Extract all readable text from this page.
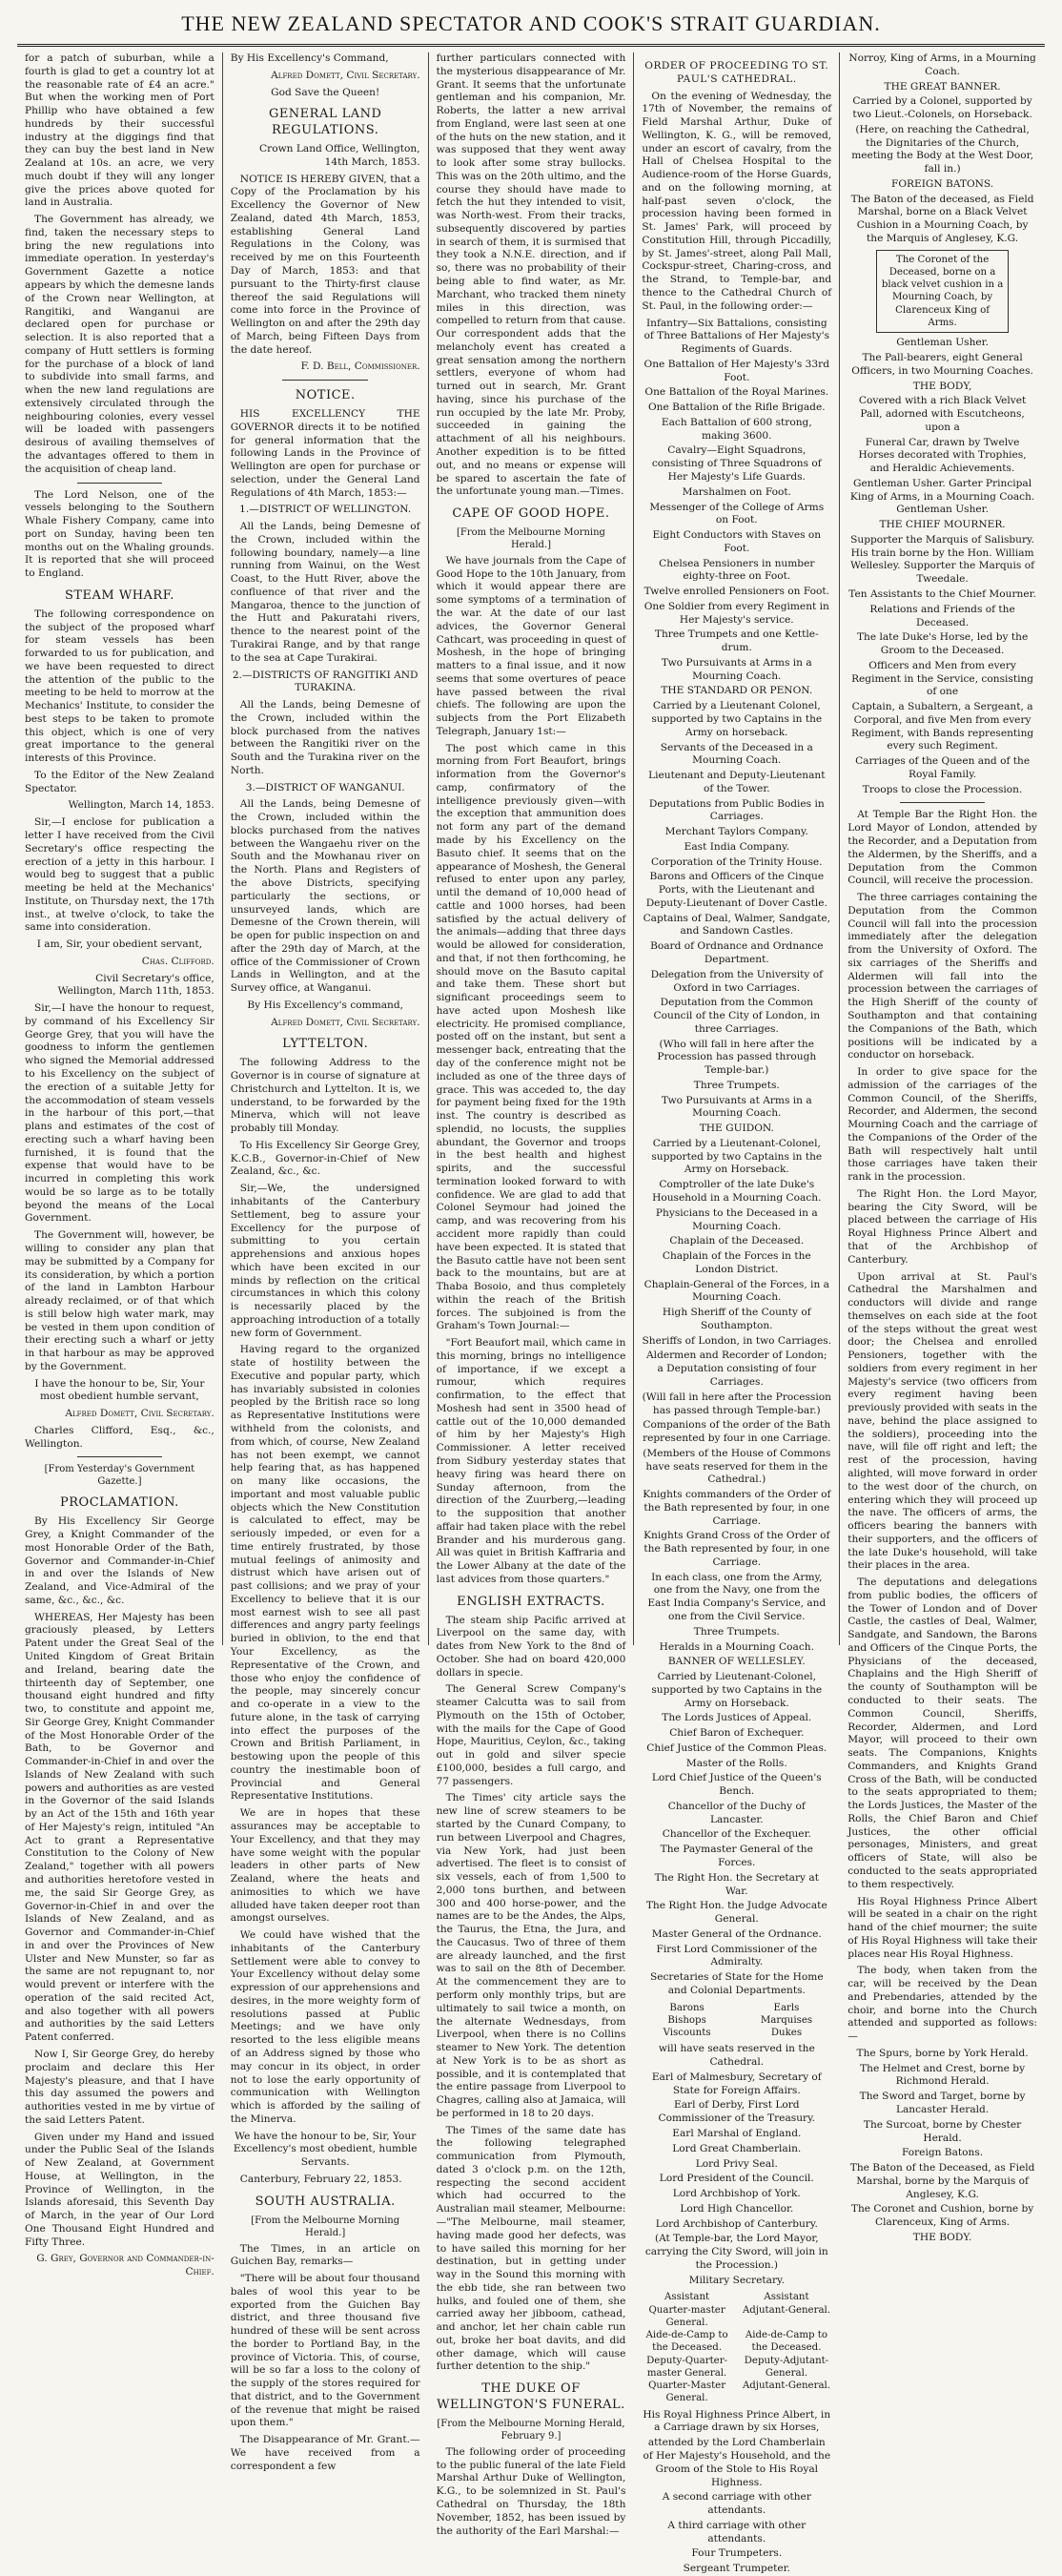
THE NEW ZEALAND SPECTATOR AND COOK'S STRAIT GUARDIAN.

for a patch of suburban, while a fourth is glad to get a country lot at the reasonable rate of £4 an acre." But when the working men of Port Phillip who have obtained a few hundreds by their successful industry at the diggings find that they can buy the best land in New Zealand at 10s. an acre, we very much doubt if they will any longer give the prices above quoted for land in Australia.

The Government has already, we find, taken the necessary steps to bring the new regulations into immediate operation. In yesterday's Government Gazette a notice appears by which the demesne lands of the Crown near Wellington, at Rangitiki, and Wanganui are declared open for purchase or selection. It is also reported that a company of Hutt settlers is forming for the purchase of a block of land to subdivide into small farms, and when the new land regulations are extensively circulated through the neighbouring colonies, every vessel will be loaded with passengers desirous of availing themselves of the advantages offered to them in the acquisition of cheap land.

The Lord Nelson, one of the vessels belonging to the Southern Whale Fishery Company, came into port on Sunday, having been ten months out on the Whaling grounds. It is reported that she will proceed to England.

STEAM WHARF.

The following correspondence on the subject of the proposed wharf for steam vessels has been forwarded to us for publication, and we have been requested to direct the attention of the public to the meeting to be held to morrow at the Mechanics' Institute, to consider the best steps to be taken to promote this object, which is one of very great importance to the general interests of this Province.

To the Editor of the New Zealand Spectator.

Wellington, March 14, 1853.

Sir,—I enclose for publication a letter I have received from the Civil Secretary's office respecting the erection of a jetty in this harbour. I would beg to suggest that a public meeting be held at the Mechanics' Institute, on Thursday next, the 17th inst., at twelve o'clock, to take the same into consideration.

I am, Sir, your obedient servant,

Chas. Clifford.

Civil Secretary's office, Wellington, March 11th, 1853.

Sir,—I have the honour to request, by command of his Excellency Sir George Grey, that you will have the goodness to inform the gentlemen who signed the Memorial addressed to his Excellency on the subject of the erection of a suitable Jetty for the accommodation of steam vessels in the harbour of this port,—that plans and estimates of the cost of erecting such a wharf having been furnished, it is found that the expense that would have to be incurred in completing this work would be so large as to be totally beyond the means of the Local Government.

The Government will, however, be willing to consider any plan that may be submitted by a Company for its consideration, by which a portion of the land in Lambton Harbour already reclaimed, or of that which is still below high water mark, may be vested in them upon condition of their erecting such a wharf or jetty in that harbour as may be approved by the Government.

I have the honour to be, Sir, Your most obedient humble servant,

Alfred Domett, Civil Secretary.

Charles Clifford, Esq., &c., Wellington.

[From Yesterday's Government Gazette.]

PROCLAMATION.

By His Excellency Sir George Grey, a Knight Commander of the most Honorable Order of the Bath, Governor and Commander-in-Chief in and over the Islands of New Zealand, and Vice-Admiral of the same, &c., &c., &c.

WHEREAS, Her Majesty has been graciously pleased, by Letters Patent under the Great Seal of the United Kingdom of Great Britain and Ireland, bearing date the thirteenth day of September, one thousand eight hundred and fifty two, to constitute and appoint me, Sir George Grey, Knight Commander of the Most Honorable Order of the Bath, to be Governor and Commander-in-Chief in and over the Islands of New Zealand with such powers and authorities as are vested in the Governor of the said Islands by an Act of the 15th and 16th year of Her Majesty's reign, intituled "An Act to grant a Representative Constitution to the Colony of New Zealand," together with all powers and authorities heretofore vested in me, the said Sir George Grey, as Governor-in-Chief in and over the Islands of New Zealand, and as Governor and Commander-in-Chief in and over the Provinces of New Ulster and New Munster, so far as the same are not repugnant to, nor would prevent or interfere with the operation of the said recited Act, and also together with all powers and authorities by the said Letters Patent conferred.

Now I, Sir George Grey, do hereby proclaim and declare this Her Majesty's pleasure, and that I have this day assumed the powers and authorities vested in me by virtue of the said Letters Patent.

Given under my Hand and issued under the Public Seal of the Islands of New Zealand, at Government House, at Wellington, in the Province of Wellington, in the Islands aforesaid, this Seventh Day of March, in the year of Our Lord One Thousand Eight Hundred and Fifty Three.

G. Grey, Governor and Commander-in-Chief.

By His Excellency's Command,

Alfred Domett, Civil Secretary.

God Save the Queen!

GENERAL LAND REGULATIONS.

Crown Land Office, Wellington, 14th March, 1853.

NOTICE IS HEREBY GIVEN, that a Copy of the Proclamation by his Excellency the Governor of New Zealand, dated 4th March, 1853, establishing General Land Regulations in the Colony, was received by me on this Fourteenth Day of March, 1853: and that pursuant to the Thirty-first clause thereof the said Regulations will come into force in the Province of Wellington on and after the 29th day of March, being Fifteen Days from the date hereof.

F. D. Bell, Commissioner.

NOTICE.

HIS EXCELLENCY THE GOVERNOR directs it to be notified for general information that the following Lands in the Province of Wellington are open for purchase or selection, under the General Land Regulations of 4th March, 1853:—

1.—DISTRICT OF WELLINGTON.

All the Lands, being Demesne of the Crown, included within the following boundary, namely—a line running from Wainui, on the West Coast, to the Hutt River, above the confluence of that river and the Mangaroa, thence to the junction of the Hutt and Pakuratahi rivers, thence to the nearest point of the Turakirai Range, and by that range to the sea at Cape Turakirai.

2.—DISTRICTS OF RANGITIKI AND TURAKINA.

All the Lands, being Demesne of the Crown, included within the block purchased from the natives between the Rangitiki river on the South and the Turakina river on the North.

3.—DISTRICT OF WANGANUI.

All the Lands, being Demesne of the Crown, included within the blocks purchased from the natives between the Wangaehu river on the South and the Mowhanau river on the North. Plans and Registers of the above Districts, specifying particularly the sections, or unsurveyed lands, which are Demesne of the Crown therein, will be open for public inspection on and after the 29th day of March, at the office of the Commissioner of Crown Lands in Wellington, and at the Survey office, at Wanganui.

By His Excellency's command,

Alfred Domett, Civil Secretary.

LYTTELTON.

The following Address to the Governor is in course of signature at Christchurch and Lyttelton. It is, we understand, to be forwarded by the Minerva, which will not leave probably till Monday.

To His Excellency Sir George Grey, K.C.B., Governor-in-Chief of New Zealand, &c., &c.

Sir,—We, the undersigned inhabitants of the Canterbury Settlement, beg to assure your Excellency for the purpose of submitting to you certain apprehensions and anxious hopes which have been excited in our minds by reflection on the critical circumstances in which this colony is necessarily placed by the approaching introduction of a totally new form of Government.

Having regard to the organized state of hostility between the Executive and popular party, which has invariably subsisted in colonies peopled by the British race so long as Representative Institutions were withheld from the colonists, and from which, of course, New Zealand has not been exempt, we cannot help fearing that, as has happened on many like occasions, the important and most valuable public objects which the New Constitution is calculated to effect, may be seriously impeded, or even for a time entirely frustrated, by those mutual feelings of animosity and distrust which have arisen out of past collisions; and we pray of your Excellency to believe that it is our most earnest wish to see all past differences and angry party feelings buried in oblivion, to the end that Your Excellency, as the Representative of the Crown, and those who enjoy the confidence of the people, may sincerely concur and co-operate in a view to the future alone, in the task of carrying into effect the purposes of the Crown and British Parliament, in bestowing upon the people of this country the inestimable boon of Provincial and General Representative Institutions.

We are in hopes that these assurances may be acceptable to Your Excellency, and that they may have some weight with the popular leaders in other parts of New Zealand, where the heats and animosities to which we have alluded have taken deeper root than amongst ourselves.

We could have wished that the inhabitants of the Canterbury Settlement were able to convey to Your Excellency without delay some expression of our apprehensions and desires, in the more weighty form of resolutions passed at Public Meetings; and we have only resorted to the less eligible means of an Address signed by those who may concur in its object, in order not to lose the early opportunity of communication with Wellington which is afforded by the sailing of the Minerva.

We have the honour to be, Sir, Your Excellency's most obedient, humble Servants.

Canterbury, February 22, 1853.

SOUTH AUSTRALIA.

[From the Melbourne Morning Herald.]

The Times, in an article on Guichen Bay, remarks—

"There will be about four thousand bales of wool this year to be exported from the Guichen Bay district, and three thousand five hundred of these will be sent across the border to Portland Bay, in the province of Victoria. This, of course, will be so far a loss to the colony of the supply of the stores required for that district, and to the Government of the revenue that might be raised upon them."

The Disappearance of Mr. Grant.—We have received from a correspondent a few

further particulars connected with the mysterious disappearance of Mr. Grant. It seems that the unfortunate gentleman and his companion, Mr. Roberts, the latter a new arrival from England, were last seen at one of the huts on the new station, and it was supposed that they went away to look after some stray bullocks. This was on the 20th ultimo, and the course they should have made to fetch the hut they intended to visit, was North-west. From their tracks, subsequently discovered by parties in search of them, it is surmised that they took a N.N.E. direction, and if so, there was no probability of their being able to find water, as Mr. Marchant, who tracked them ninety miles in this direction, was compelled to return from that cause. Our correspondent adds that the melancholy event has created a great sensation among the northern settlers, everyone of whom had turned out in search, Mr. Grant having, since his purchase of the run occupied by the late Mr. Proby, succeeded in gaining the attachment of all his neighbours. Another expedition is to be fitted out, and no means or expense will be spared to ascertain the fate of the unfortunate young man.—Times.

CAPE OF GOOD HOPE.

[From the Melbourne Morning Herald.]

We have journals from the Cape of Good Hope to the 10th January, from which it would appear there are some symptoms of a termination of the war. At the date of our last advices, the Governor General Cathcart, was proceeding in quest of Moshesh, in the hope of bringing matters to a final issue, and it now seems that some overtures of peace have passed between the rival chiefs. The following are upon the subjects from the Port Elizabeth Telegraph, January 1st:—

The post which came in this morning from Fort Beaufort, brings information from the Governor's camp, confirmatory of the intelligence previously given—with the exception that ammunition does not form any part of the demand made by his Excellency on the Basuto chief. It seems that on the appearance of Moshesh, the General refused to enter upon any parley, until the demand of 10,000 head of cattle and 1000 horses, had been satisfied by the actual delivery of the animals—adding that three days would be allowed for consideration, and that, if not then forthcoming, he should move on the Basuto capital and take them. These short but significant proceedings seem to have acted upon Moshesh like electricity. He promised compliance, posted off on the instant, but sent a messenger back, entreating that the day of the conference might not be included as one of the three days of grace. This was acceded to, the day for payment being fixed for the 19th inst. The country is described as splendid, no locusts, the supplies abundant, the Governor and troops in the best health and highest spirits, and the successful termination looked forward to with confidence. We are glad to add that Colonel Seymour had joined the camp, and was recovering from his accident more rapidly than could have been expected. It is stated that the Basuto cattle have not been sent back to the mountains, but are at Thaba Bosoio, and thus completely within the reach of the British forces. The subjoined is from the Graham's Town Journal:—

"Fort Beaufort mail, which came in this morning, brings no intelligence of importance, if we except a rumour, which requires confirmation, to the effect that Moshesh had sent in 3500 head of cattle out of the 10,000 demanded of him by her Majesty's High Commissioner. A letter received from Sidbury yesterday states that heavy firing was heard there on Sunday afternoon, from the direction of the Zuurberg,—leading to the supposition that another affair had taken place with the rebel Brander and his murderous gang. All was quiet in British Kaffraria and the Lower Albany at the date of the last advices from those quarters."

ENGLISH EXTRACTS.

The steam ship Pacific arrived at Liverpool on the same day, with dates from New York to the 8nd of October. She had on board 420,000 dollars in specie.

The General Screw Company's steamer Calcutta was to sail from Plymouth on the 15th of October, with the mails for the Cape of Good Hope, Mauritius, Ceylon, &c., taking out in gold and silver specie £100,000, besides a full cargo, and 77 passengers.

The Times' city article says the new line of screw steamers to be started by the Cunard Company, to run between Liverpool and Chagres, via New York, had just been advertised. The fleet is to consist of six vessels, each of from 1,500 to 2,000 tons burthen, and between 300 and 400 horse-power, and the names are to be the Andes, the Alps, the Taurus, the Etna, the Jura, and the Caucasus. Two of three of them are already launched, and the first was to sail on the 8th of December. At the commencement they are to perform only monthly trips, but are ultimately to sail twice a month, on the alternate Wednesdays, from Liverpool, when there is no Collins steamer to New York. The detention at New York is to be as short as possible, and it is contemplated that the entire passage from Liverpool to Chagres, calling also at Jamaica, will be performed in 18 to 20 days.

The Times of the same date has the following telegraphed communication from Plymouth, dated 3 o'clock p.m. on the 12th, respecting the second accident which had occurred to the Australian mail steamer, Melbourne:—"The Melbourne, mail steamer, having made good her defects, was to have sailed this morning for her destination, but in getting under way in the Sound this morning with the ebb tide, she ran between two hulks, and fouled one of them, she carried away her jibboom, cathead, and anchor, let her chain cable run out, broke her boat davits, and did other damage, which will cause further detention to the ship."

THE DUKE OF WELLINGTON'S FUNERAL.

[From the Melbourne Morning Herald, February 9.]

The following order of proceeding to the public funeral of the late Field Marshal Arthur Duke of Wellington, K.G., to be solemnized in St. Paul's Cathedral on Thursday, the 18th November, 1852, has been issued by the authority of the Earl Marshal:—

ORDER OF PROCEEDING TO ST. PAUL'S CATHEDRAL.

On the evening of Wednesday, the 17th of November, the remains of Field Marshal Arthur, Duke of Wellington, K. G., will be removed, under an escort of cavalry, from the Hall of Chelsea Hospital to the Audience-room of the Horse Guards, and on the following morning, at half-past seven o'clock, the procession having been formed in St. James' Park, will proceed by Constitution Hill, through Piccadilly, by St. James'-street, along Pall Mall, Cockspur-street, Charing-cross, and the Strand, to Temple-bar, and thence to the Cathedral Church of St. Paul, in the following order:—

Infantry—Six Battalions, consisting of Three Battalions of Her Majesty's Regiments of Guards.

One Battalion of Her Majesty's 33rd Foot.

One Battalion of the Royal Marines.

One Battalion of the Rifle Brigade.

Each Battalion of 600 strong, making 3600.

Cavalry—Eight Squadrons, consisting of Three Squadrons of Her Majesty's Life Guards.

Marshalmen on Foot.

Messenger of the College of Arms on Foot.

Eight Conductors with Staves on Foot.

Chelsea Pensioners in number eighty-three on Foot.

Twelve enrolled Pensioners on Foot.

One Soldier from every Regiment in Her Majesty's service.

Three Trumpets and one Kettle-drum.

Two Pursuivants at Arms in a Mourning Coach.

THE STANDARD OR PENON.

Carried by a Lieutenant Colonel, supported by two Captains in the Army on horseback.

Servants of the Deceased in a Mourning Coach.

Lieutenant and Deputy-Lieutenant of the Tower.

Deputations from Public Bodies in Carriages.

Merchant Taylors Company.

East India Company.

Corporation of the Trinity House.

Barons and Officers of the Cinque Ports, with the Lieutenant and Deputy-Lieutenant of Dover Castle.

Captains of Deal, Walmer, Sandgate, and Sandown Castles.

Board of Ordnance and Ordnance Department.

Delegation from the University of Oxford in two Carriages.

Deputation from the Common Council of the City of London, in three Carriages.

(Who will fall in here after the Procession has passed through Temple-bar.)

Three Trumpets.

Two Pursuivants at Arms in a Mourning Coach.

THE GUIDON.

Carried by a Lieutenant-Colonel, supported by two Captains in the Army on Horseback.

Comptroller of the late Duke's Household in a Mourning Coach.

Physicians to the Deceased in a Mourning Coach.

Chaplain of the Deceased.

Chaplain of the Forces in the London District.

Chaplain-General of the Forces, in a Mourning Coach.

High Sheriff of the County of Southampton.

Sheriffs of London, in two Carriages.

Aldermen and Recorder of London; a Deputation consisting of four Carriages.

(Will fall in here after the Procession has passed through Temple-bar.)

Companions of the order of the Bath represented by four in one Carriage.

(Members of the House of Commons have seats reserved for them in the Cathedral.)

Knights commanders of the Order of the Bath represented by four, in one Carriage.

Knights Grand Cross of the Order of the Bath represented by four, in one Carriage.

In each class, one from the Army, one from the Navy, one from the East India Company's Service, and one from the Civil Service.

Three Trumpets.

Heralds in a Mourning Coach.

BANNER OF WELLESLEY.

Carried by Lieutenant-Colonel, supported by two Captains in the Army on Horseback.

The Lords Justices of Appeal.

Chief Baron of Exchequer.

Chief Justice of the Common Pleas.

Master of the Rolls.

Lord Chief Justice of the Queen's Bench.

Chancellor of the Duchy of Lancaster.

Chancellor of the Exchequer.

The Paymaster General of the Forces.

The Right Hon. the Secretary at War.

The Right Hon. the Judge Advocate General.

Master General of the Ordnance.

First Lord Commissioner of the Admiralty.

Secretaries of State for the Home and Colonial Departments.

Barons	Earls
Bishops	Marquises
Viscounts	Dukes

will have seats reserved in the Cathedral.

Earl of Malmesbury, Secretary of State for Foreign Affairs.

Earl of Derby, First Lord Commissioner of the Treasury.

Earl Marshal of England.

Lord Great Chamberlain.

Lord Privy Seal.

Lord President of the Council.

Lord Archbishop of York.

Lord High Chancellor.

Lord Archbishop of Canterbury.

(At Temple-bar, the Lord Mayor, carrying the City Sword, will join in the Procession.)

Military Secretary.

Assistant Quarter-master General.
Assistant Adjutant-General.
Aide-de-Camp to the Deceased.
Aide-de-Camp to the Deceased.
Deputy-Quarter-master General.
Deputy-Adjutant-General.
Quarter-Master General.
Adjutant-General.

His Royal Highness Prince Albert, in a Carriage drawn by six Horses,

attended by the Lord Chamberlain of Her Majesty's Household, and the Groom of the Stole to His Royal Highness.

A second carriage with other attendants.

A third carriage with other attendants.

Four Trumpeters.

Sergeant Trumpeter.

Norroy, King of Arms, in a Mourning Coach.

THE GREAT BANNER.

Carried by a Colonel, supported by two Lieut.-Colonels, on Horseback.

(Here, on reaching the Cathedral, the Dignitaries of the Church, meeting the Body at the West Door, fall in.)

FOREIGN BATONS.

The Baton of the deceased, as Field Marshal, borne on a Black Velvet Cushion in a Mourning Coach, by the Marquis of Anglesey, K.G.

The Coronet of the Deceased, borne on a black velvet cushion in a Mourning Coach, by Clarenceux King of Arms.

Gentleman Usher.

The Pall-bearers, eight General Officers, in two Mourning Coaches.

THE BODY,

Covered with a rich Black Velvet Pall, adorned with Escutcheons, upon a

Funeral Car, drawn by Twelve Horses decorated with Trophies, and Heraldic Achievements.

Gentleman Usher. Garter Principal King of Arms, in a Mourning Coach. Gentleman Usher.

THE CHIEF MOURNER.

Supporter the Marquis of Salisbury. His train borne by the Hon. William Wellesley. Supporter the Marquis of Tweedale.

Ten Assistants to the Chief Mourner.

Relations and Friends of the Deceased.

The late Duke's Horse, led by the Groom to the Deceased.

Officers and Men from every Regiment in the Service, consisting of one

Captain, a Subaltern, a Sergeant, a Corporal, and five Men from every Regiment, with Bands representing every such Regiment.

Carriages of the Queen and of the Royal Family.

Troops to close the Procession.

At Temple Bar the Right Hon. the Lord Mayor of London, attended by the Recorder, and a Deputation from the Aldermen, by the Sheriffs, and a Deputation from the Common Council, will receive the procession.

The three carriages containing the Deputation from the Common Council will fall into the procession immediately after the delegation from the University of Oxford. The six carriages of the Sheriffs and Aldermen will fall into the procession between the carriages of the High Sheriff of the county of Southampton and that containing the Companions of the Bath, which positions will be indicated by a conductor on horseback.

In order to give space for the admission of the carriages of the Common Council, of the Sheriffs, Recorder, and Aldermen, the second Mourning Coach and the carriage of the Companions of the Order of the Bath will respectively halt until those carriages have taken their rank in the procession.

The Right Hon. the Lord Mayor, bearing the City Sword, will be placed between the carriage of His Royal Highness Prince Albert and that of the Archbishop of Canterbury.

Upon arrival at St. Paul's Cathedral the Marshalmen and conductors will divide and range themselves on each side at the foot of the steps without the great west door; the Chelsea and enrolled Pensioners, together with the soldiers from every regiment in her Majesty's service (two officers from every regiment having been previously provided with seats in the nave, behind the place assigned to the soldiers), proceeding into the nave, will file off right and left; the rest of the procession, having alighted, will move forward in order to the west door of the church, on entering which they will proceed up the nave. The officers of arms, the officers bearing the banners with their supporters, and the officers of the late Duke's household, will take their places in the area.

The deputations and delegations from public bodies, the officers of the Tower of London and of Dover Castle, the castles of Deal, Walmer, Sandgate, and Sandown, the Barons and Officers of the Cinque Ports, the Physicians of the deceased, Chaplains and the High Sheriff of the county of Southampton will be conducted to their seats. The Common Council, Sheriffs, Recorder, Aldermen, and Lord Mayor, will proceed to their own seats. The Companions, Knights Commanders, and Knights Grand Cross of the Bath, will be conducted to the seats appropriated to them; the Lords Justices, the Master of the Rolls, the Chief Baron and Chief Justices, the other official personages, Ministers, and great officers of State, will also be conducted to the seats appropriated to them respectively.

His Royal Highness Prince Albert will be seated in a chair on the right hand of the chief mourner; the suite of His Royal Highness will take their places near His Royal Highness.

The body, when taken from the car, will be received by the Dean and Prebendaries, attended by the choir, and borne into the Church attended and supported as follows:—

The Spurs, borne by York Herald.

The Helmet and Crest, borne by Richmond Herald.

The Sword and Target, borne by Lancaster Herald.

The Surcoat, borne by Chester Herald.

Foreign Batons.

The Baton of the Deceased, as Field Marshal, borne by the Marquis of Anglesey, K.G.

The Coronet and Cushion, borne by Clarenceux, King of Arms.

THE BODY.
